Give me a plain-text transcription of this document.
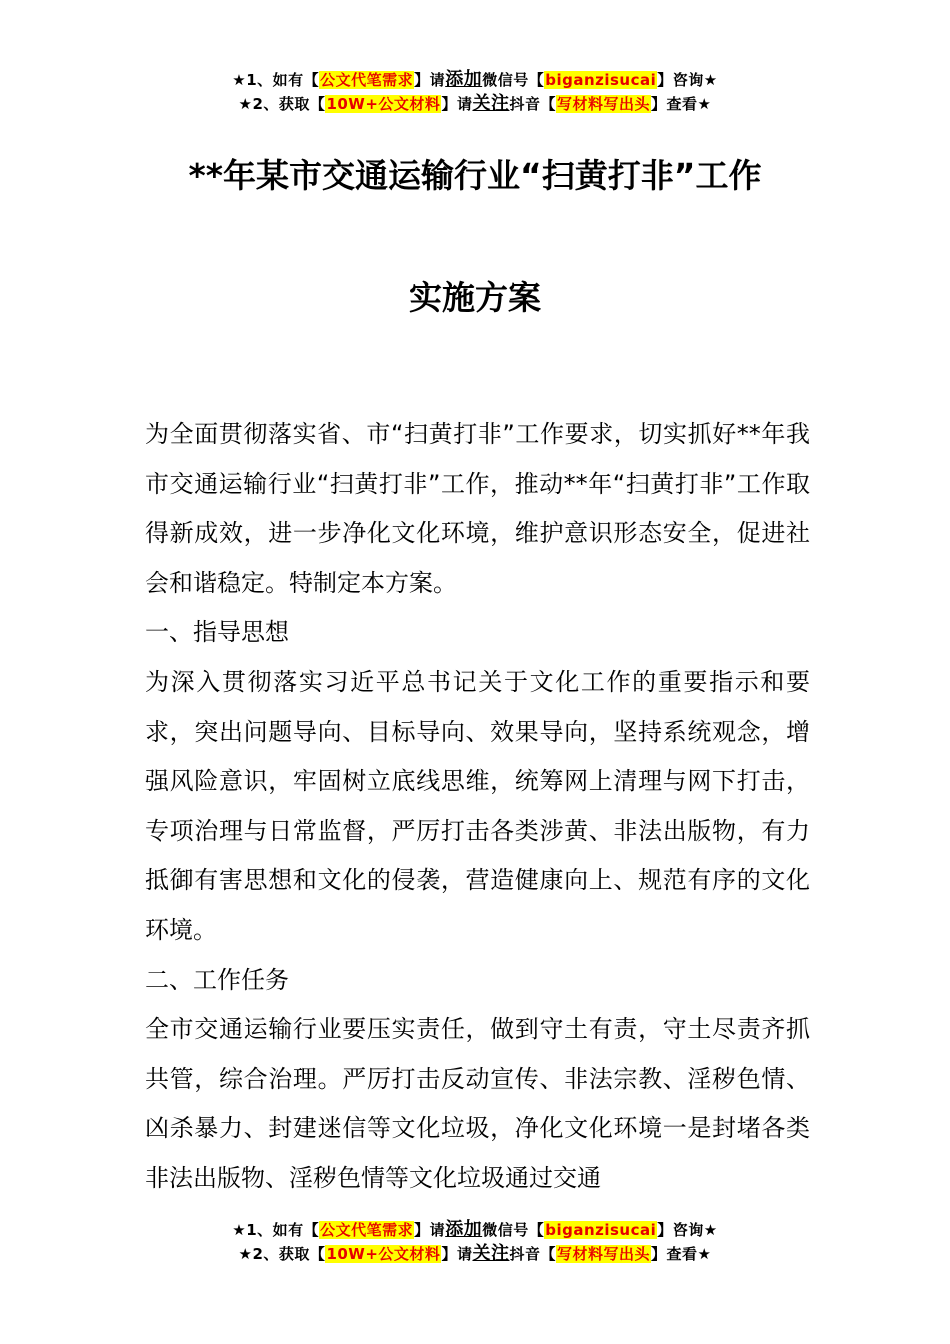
★1、如有【公文代笔需求】请添加微信号【biganzisucai】咨询★
★2、获取【10W+公文材料】请关注抖音【写材料写出头】查看★
**年某市交通运输行业“扫黄打非”工作
实施方案

为全面贯彻落实省、市“扫黄打非”工作要求，切实抓好**年我市交通运输行业“扫黄打非”工作，推动**年“扫黄打非”工作取得新成效，进一步净化文化环境，维护意识形态安全，促进社会和谐稳定。特制定本方案。

一、指导思想

为深入贯彻落实习近平总书记关于文化工作的重要指示和要求，突出问题导向、目标导向、效果导向，坚持系统观念，增强风险意识，牢固树立底线思维，统筹网上清理与网下打击，专项治理与日常监督，严厉打击各类涉黄、非法出版物，有力抵御有害思想和文化的侵袭，营造健康向上、规范有序的文化环境。

二、工作任务

全市交通运输行业要压实责任，做到守土有责，守土尽责齐抓共管，综合治理。严厉打击反动宣传、非法宗教、淫秽色情、凶杀暴力、封建迷信等文化垃圾，净化文化环境一是封堵各类非法出版物、淫秽色情等文化垃圾通过交通

★1、如有【公文代笔需求】请添加微信号【biganzisucai】咨询★
★2、获取【10W+公文材料】请关注抖音【写材料写出头】查看★
